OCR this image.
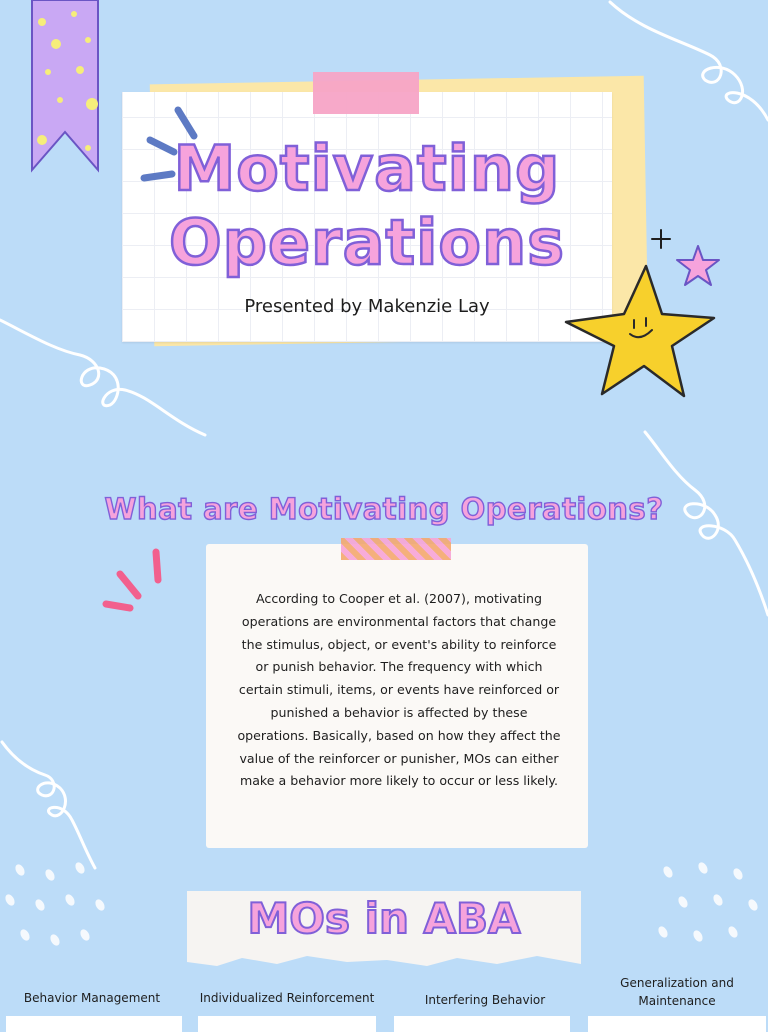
Motivating
Operations
Presented by Makenzie Lay
What are Motivating Operations?
According to Cooper et al. (2007), motivating
operations are environmental factors that change
the stimulus, object, or event's ability to reinforce
or punish behavior. The frequency with which
certain stimuli, items, or events have reinforced or
punished a behavior is affected by these
operations. Basically, based on how they affect the
value of the reinforcer or punisher, MOs can either
make a behavior more likely to occur or less likely.
MOs in ABA
Behavior Management	Individualized Reinforcement	Interfering Behavior
Generalization and
Maintenance
